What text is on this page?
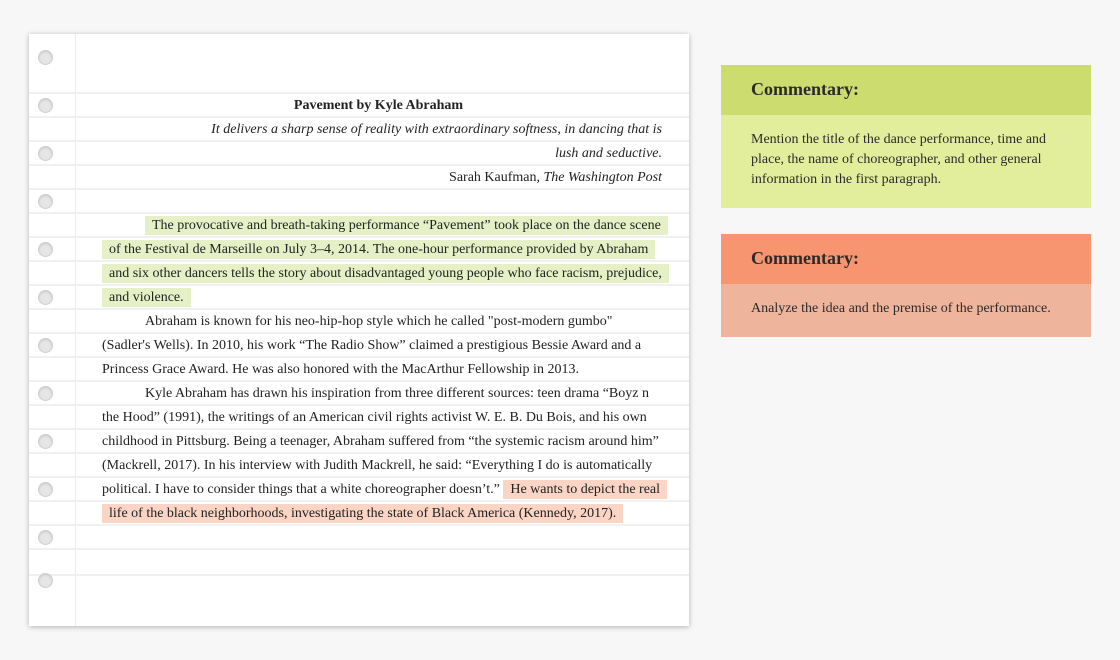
Pavement by Kyle Abraham
It delivers a sharp sense of reality with extraordinary softness, in dancing that is
lush and seductive.
Sarah Kaufman, The Washington Post

The provocative and breath-taking performance “Pavement” took place on the dance scene of the Festival de Marseille on July 3–4, 2014. The one-hour performance provided by Abraham and six other dancers tells the story about disadvantaged young people who face racism, prejudice, and violence.

Abraham is known for his neo-hip-hop style which he called "post-modern gumbo" (Sadler's Wells). In 2010, his work “The Radio Show” claimed a prestigious Bessie Award and a Princess Grace Award. He was also honored with the MacArthur Fellowship in 2013.

Kyle Abraham has drawn his inspiration from three different sources: teen drama “Boyz n the Hood” (1991), the writings of an American civil rights activist W. E. B. Du Bois, and his own childhood in Pittsburg. Being a teenager, Abraham suffered from “the systemic racism around him” (Mackrell, 2017). In his interview with Judith Mackrell, he said: “Everything I do is automatically political. I have to consider things that a white choreographer doesn’t.” He wants to depict the real life of the black neighborhoods, investigating the state of Black America (Kennedy, 2017).

Commentary:
Mention the title of the dance performance, time and place, the name of choreographer, and other general information in the first paragraph.
Commentary:
Analyze the idea and the premise of the performance.
